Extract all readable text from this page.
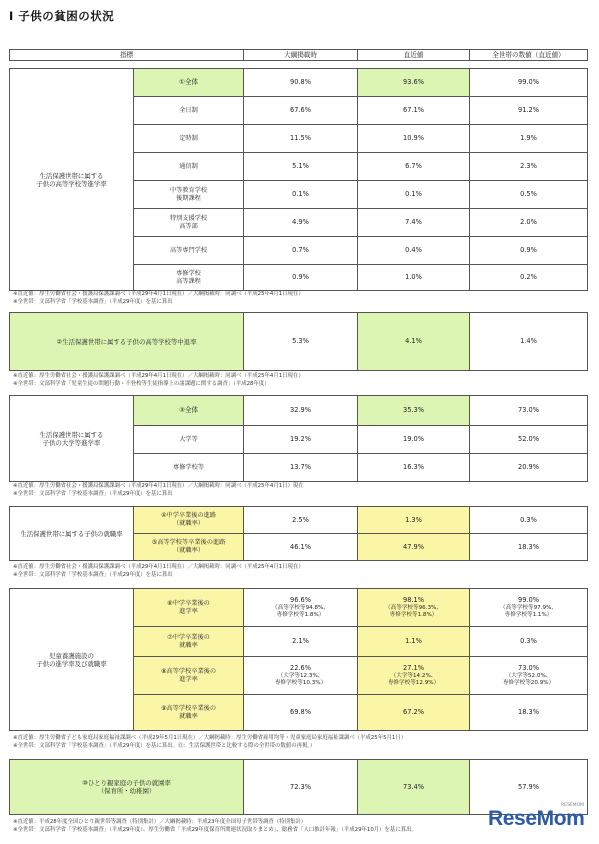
Ⅰ 子供の貧困の状況
指標	大綱掲載時	直近値	全世帯の数値（直近値）
生活保護世帯に属する
子供の高等学校等進学率	①全体	90.8%	93.6%	99.0%
	全日制	67.6%	67.1%	91.2%
	定時制	11.5%	10.9%	1.9%
	通信制	5.1%	6.7%	2.3%
	中等教育学校
後期課程	0.1%	0.1%	0.5%
	特別支援学校
高等部	4.9%	7.4%	2.0%
	高等専門学校	0.7%	0.4%	0.9%
	専修学校
高等課程	0.9%	1.0%	0.2%
※直近値：厚生労働省社会・援護局保護課調べ（平成29年4月1日現在）／大綱掲載時：同調べ（平成25年4月1日現在）
※全世帯：文部科学省「学校基本調査」（平成29年度）を基に算出
②生活保護世帯に属する子供の高等学校等中退率	5.3%	4.1%	1.4%
※直近値：厚生労働省社会・援護局保護課調べ（平成29年4月1日現在）／大綱掲載時：同調べ（平成25年4月1日現在）
※全世帯：文部科学省「児童生徒の問題行動・不登校等生徒指導上の諸課題に関する調査」（平成28年度）
生活保護世帯に属する
子供の大学等進学率	③全体	32.9%	35.3%	73.0%
	大学等	19.2%	19.0%	52.0%
	専修学校等	13.7%	16.3%	20.9%
※直近値：厚生労働省社会・援護局保護課調べ（平成29年4月1日現在）／大綱掲載時：同調べ（平成25年4月1日）現在
※全世帯：文部科学省「学校基本調査」（平成29年度）を基に算出
生活保護世帯に属する子供の就職率	④中学卒業後の進路
（就職率）	2.5%	1.3%	0.3%
	⑤高等学校等卒業後の進路
（就職率）	46.1%	47.9%	18.3%
※直近値：厚生労働省社会・援護局保護課調べ（平成29年4月1日現在）／大綱掲載時：同調べ（平成25年4月1日現在）
※全世帯：文部科学省「学校基本調査」（平成29年度）を基に算出
児童養護施設の
子供の進学率及び就職率	⑥中学卒業後の
進学率	96.6%
（高等学校等94.8%、
専修学校等1.8%）	98.1%
（高等学校等96.3%、
専修学校等1.8%）	99.0%
（高等学校等97.9%、
専修学校等1.1%）

	⑦中学卒業後の
就職率	2.1%	1.1%	0.3%
	⑧高等学校卒業後の
進学率	22.6%
（大学等12.3%、
専修学校等10.3%）	27.1%
（大学等14.2%、
専修学校等12.9%）	73.0%
（大学等52.0%、
専修学校等20.9%）

	⑨高等学校卒業後の
就職率	69.8%	67.2%	18.3%
※直近値：厚生労働省子ども家庭局家庭福祉課調べ（平成29年5月1日現在）／大綱掲載時：厚生労働省雇用均等・児童家庭局家庭福祉課調べ（平成25年5月1日）
※全世帯：文部科学省「学校基本調査」（平成29年度）を基に算出。㊟：生活保護世帯と比較する際の全世帯の数値の再掲。）
⑩ひとり親家庭の子供の就園率
（保育所・幼稚園）	72.3%	73.4%	57.9%
※直近値：平成28年度全国ひとり親世帯等調査（特別集計）／大綱掲載時：平成23年度全国母子世帯等調査（特別集計）
※全世帯：文部科学省「学校基本調査」（平成29年度）、厚生労働省「平成29年度保育所関連状況取りまとめ」、総務省「人口推計年報」（平成29年10月）を基に算出。
RESEMOM
ReseMom
